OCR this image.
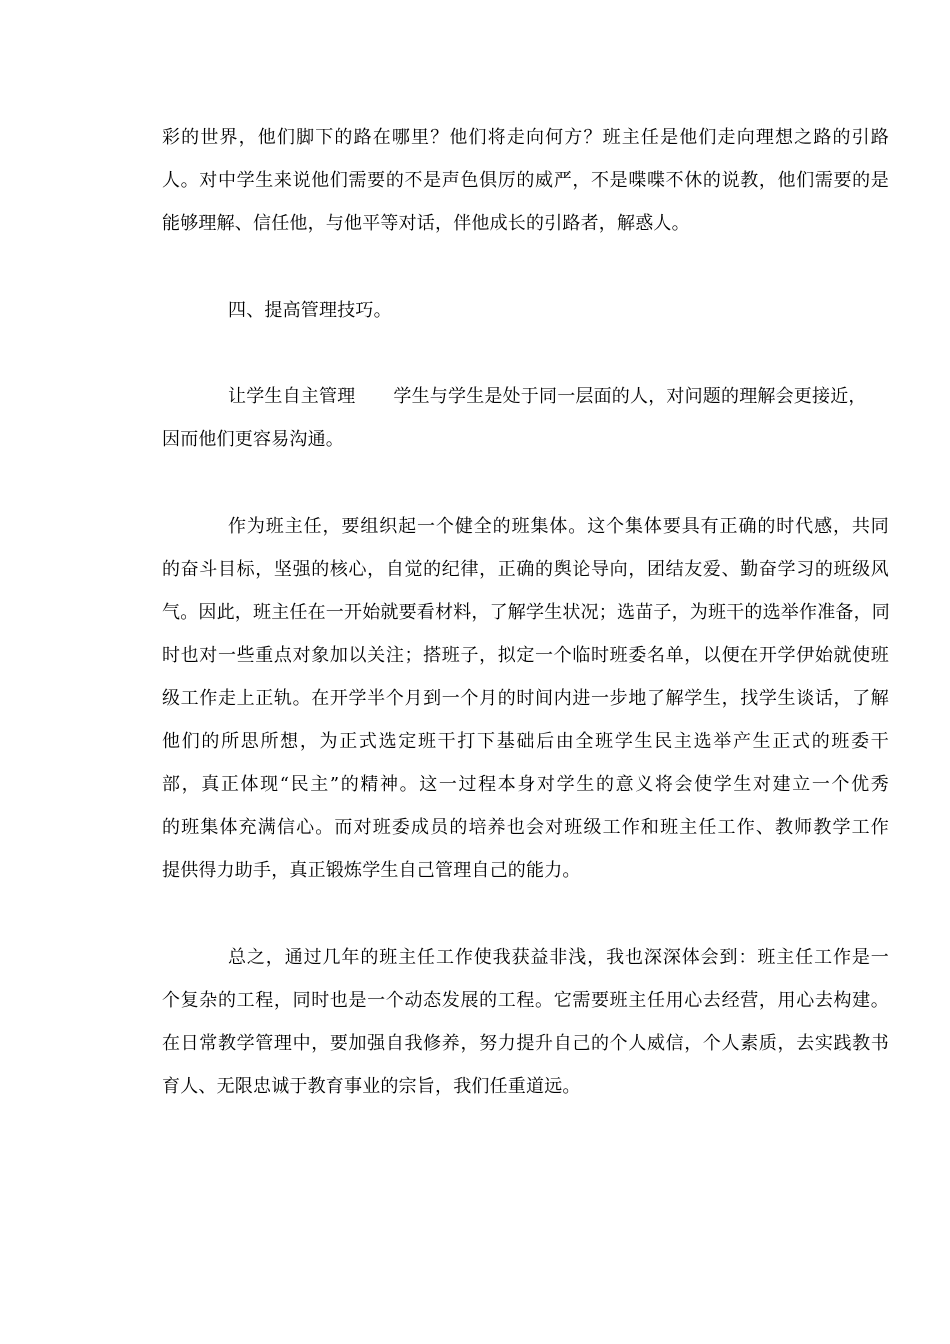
彩的世界，他们脚下的路在哪里？他们将走向何方？班主任是他们走向理想之路的引路
人。对中学生来说他们需要的不是声色俱厉的威严，不是喋喋不休的说教，他们需要的是
能够理解、信任他，与他平等对话，伴他成长的引路者，解惑人。
四、提高管理技巧。
让学生自主管理 学生与学生是处于同一层面的人，对问题的理解会更接近，
因而他们更容易沟通。
作为班主任，要组织起一个健全的班集体。这个集体要具有正确的时代感，共同
的奋斗目标，坚强的核心，自觉的纪律，正确的舆论导向，团结友爱、勤奋学习的班级风
气。因此，班主任在一开始就要看材料，了解学生状况；选苗子，为班干的选举作准备，同
时也对一些重点对象加以关注；搭班子，拟定一个临时班委名单，以便在开学伊始就使班
级工作走上正轨。在开学半个月到一个月的时间内进一步地了解学生，找学生谈话，了解
他们的所思所想，为正式选定班干打下基础后由全班学生民主选举产生正式的班委干
部，真正体现“民主”的精神。这一过程本身对学生的意义将会使学生对建立一个优秀
的班集体充满信心。而对班委成员的培养也会对班级工作和班主任工作、教师教学工作
提供得力助手，真正锻炼学生自己管理自己的能力。
总之，通过几年的班主任工作使我获益非浅，我也深深体会到：班主任工作是一
个复杂的工程，同时也是一个动态发展的工程。它需要班主任用心去经营，用心去构建。
在日常教学管理中，要加强自我修养，努力提升自己的个人威信，个人素质，去实践教书
育人、无限忠诚于教育事业的宗旨，我们任重道远。
